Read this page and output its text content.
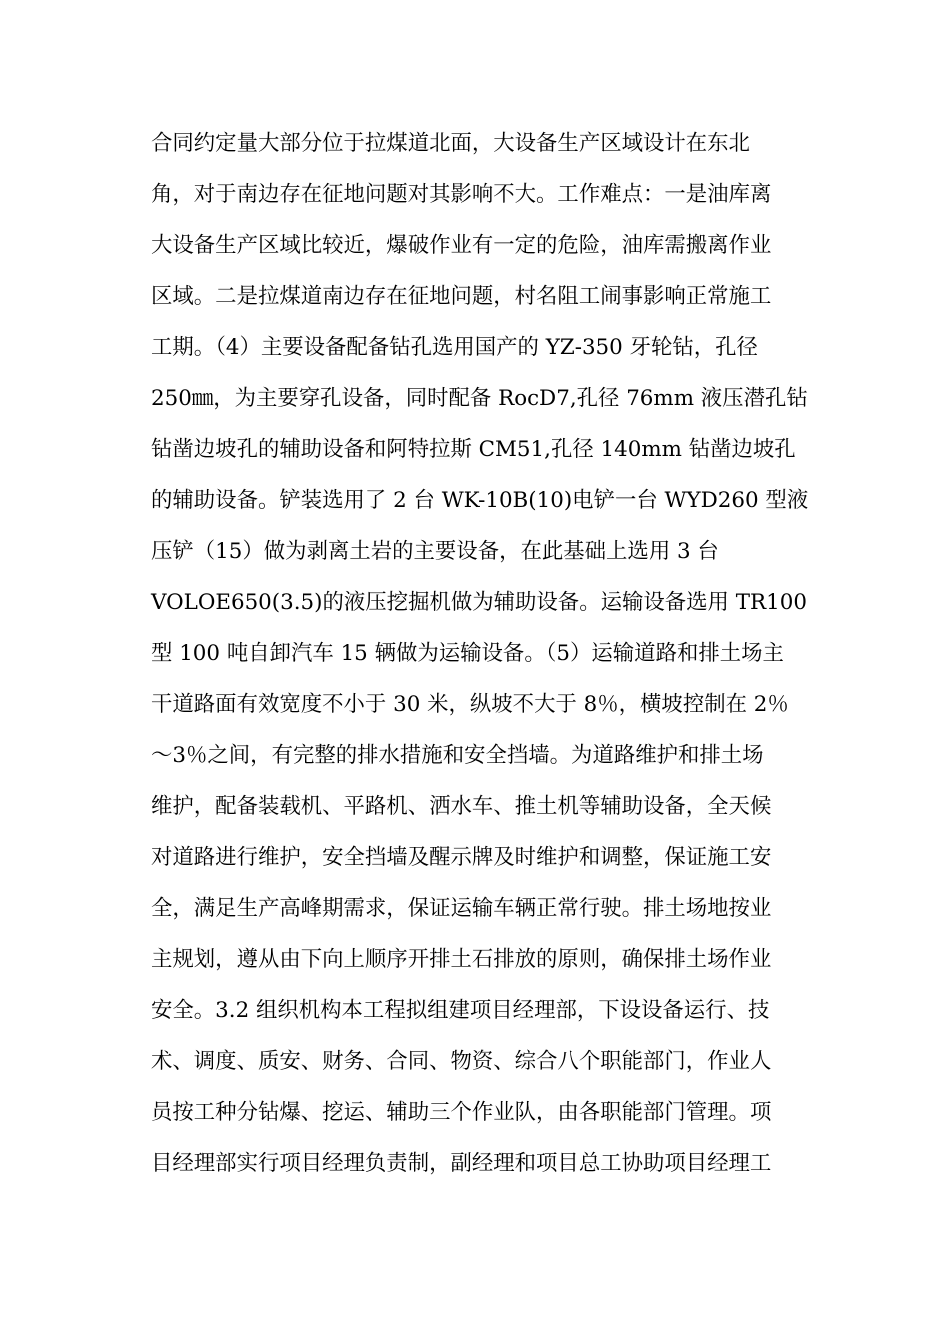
合同约定量大部分位于拉煤道北面，大设备生产区域设计在东北
角，对于南边存在征地问题对其影响不大。工作难点：一是油库离
大设备生产区域比较近，爆破作业有一定的危险，油库需搬离作业
区域。二是拉煤道南边存在征地问题，村名阻工闹事影响正常施工
工期。（4）主要设备配备钻孔选用国产的 YZ-350 牙轮钻，孔径
250㎜，为主要穿孔设备，同时配备 RocD7,孔径 76mm 液压潜孔钻
钻凿边坡孔的辅助设备和阿特拉斯 CM51,孔径 140mm 钻凿边坡孔
的辅助设备。铲装选用了 2 台 WK-10B(10)电铲一台 WYD260 型液
压铲（15）做为剥离土岩的主要设备，在此基础上选用 3 台
VOLOE650(3.5)的液压挖掘机做为辅助设备。运输设备选用 TR100
型 100 吨自卸汽车 15 辆做为运输设备。（5）运输道路和排土场主
干道路面有效宽度不小于 30 米，纵坡不大于 8％，横坡控制在 2％
～3％之间，有完整的排水措施和安全挡墙。为道路维护和排土场
维护，配备装载机、平路机、洒水车、推土机等辅助设备，全天候
对道路进行维护，安全挡墙及醒示牌及时维护和调整，保证施工安
全，满足生产高峰期需求，保证运输车辆正常行驶。排土场地按业
主规划，遵从由下向上顺序开排土石排放的原则，确保排土场作业
安全。3.2 组织机构本工程拟组建项目经理部，下设设备运行、技
术、调度、质安、财务、合同、物资、综合八个职能部门，作业人
员按工种分钻爆、挖运、辅助三个作业队，由各职能部门管理。项
目经理部实行项目经理负责制，副经理和项目总工协助项目经理工
